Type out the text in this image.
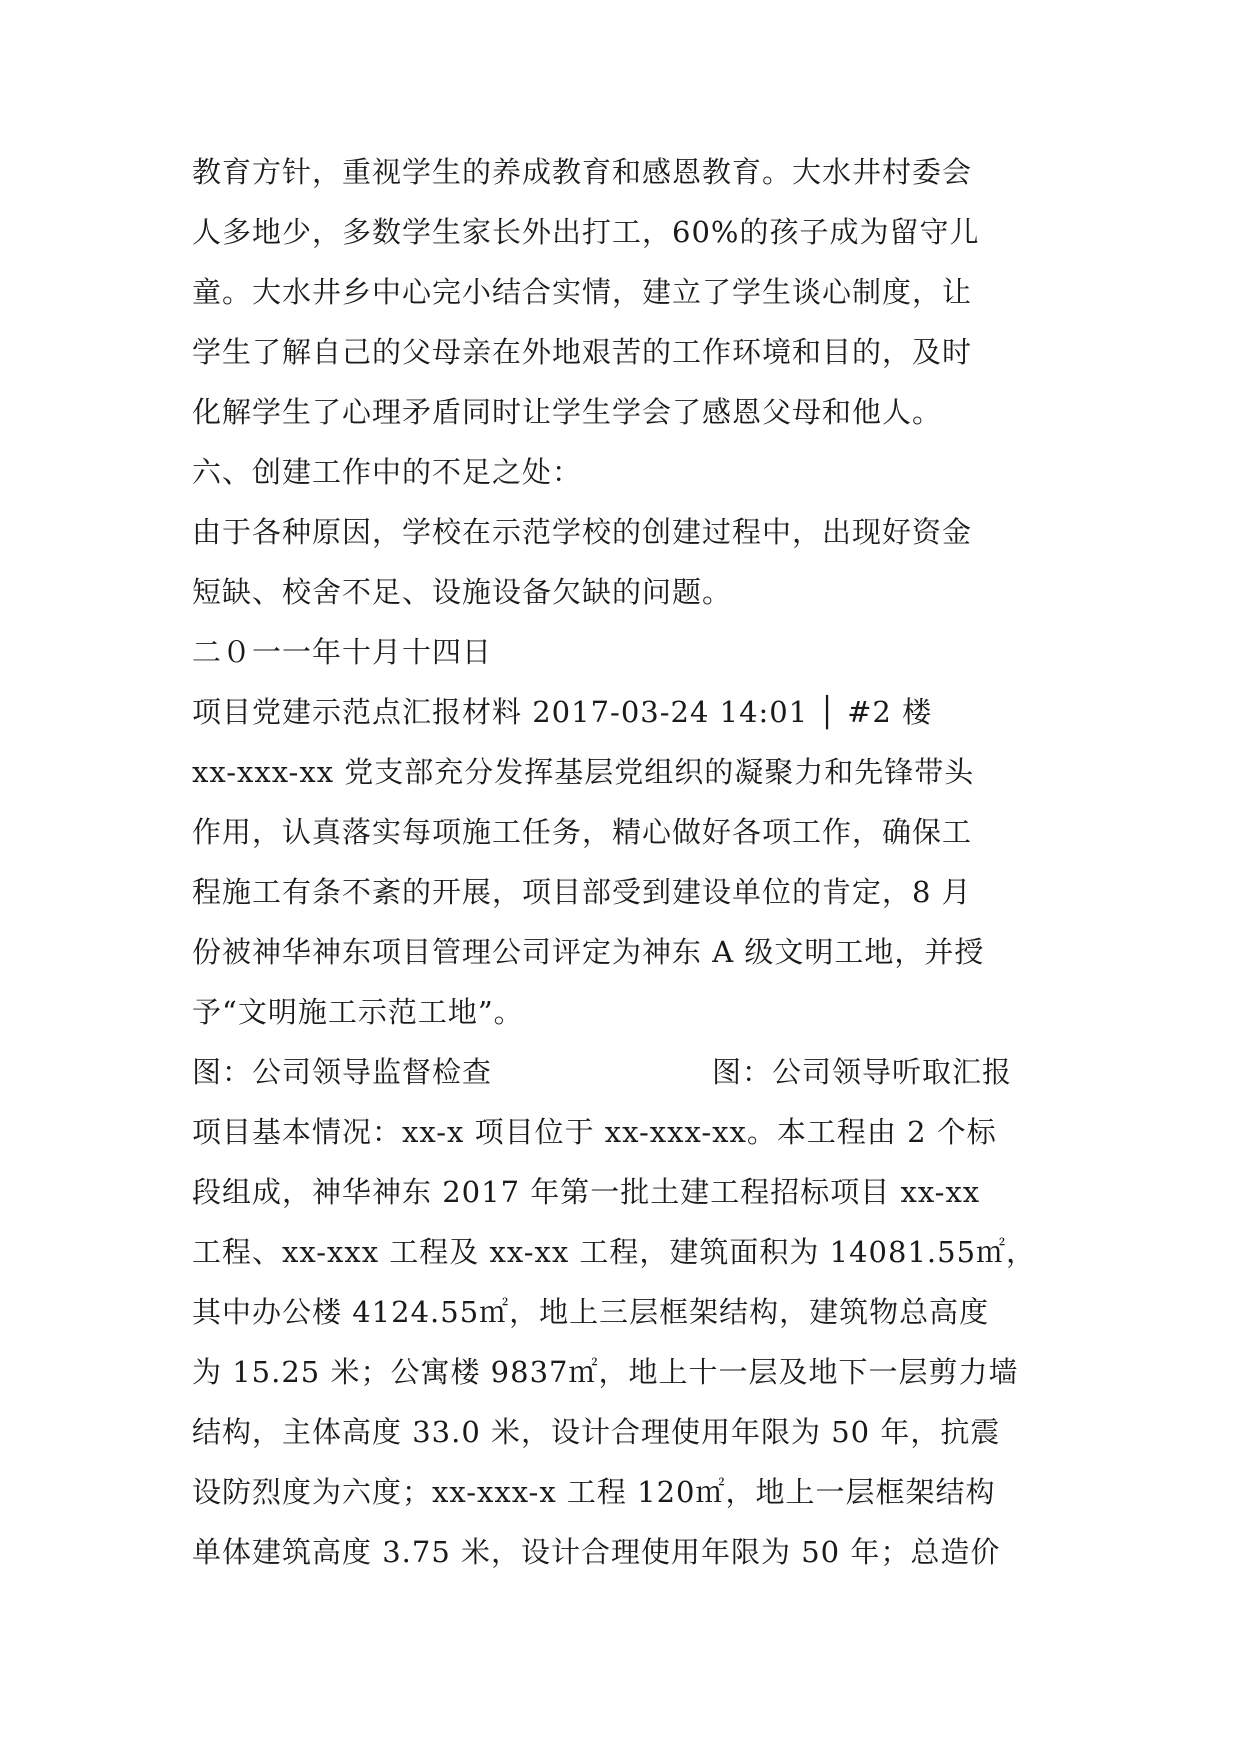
教育方针，重视学生的养成教育和感恩教育。大水井村委会
人多地少，多数学生家长外出打工，60%的孩子成为留守儿
童。大水井乡中心完小结合实情，建立了学生谈心制度，让
学生了解自己的父母亲在外地艰苦的工作环境和目的，及时
化解学生了心理矛盾同时让学生学会了感恩父母和他人。
六、创建工作中的不足之处：
由于各种原因，学校在示范学校的创建过程中，出现好资金
短缺、校舍不足、设施设备欠缺的问题。
二０一一年十月十四日
项目党建示范点汇报材料 2017-03-24 14:01 │ #2 楼
xx-xxx-xx 党支部充分发挥基层党组织的凝聚力和先锋带头
作用，认真落实每项施工任务，精心做好各项工作，确保工
程施工有条不紊的开展，项目部受到建设单位的肯定，8 月
份被神华神东项目管理公司评定为神东 A 级文明工地，并授
予“文明施工示范工地”。
图：公司领导监督检查	图：公司领导听取汇报
项目基本情况：xx-x 项目位于 xx-xxx-xx。本工程由 2 个标
段组成，神华神东 2017 年第一批土建工程招标项目 xx-xx
工程、xx-xxx 工程及 xx-xx 工程，建筑面积为 14081.55㎡，
其中办公楼 4124.55㎡，地上三层框架结构，建筑物总高度
为 15.25 米；公寓楼 9837㎡，地上十一层及地下一层剪力墙
结构，主体高度 33.0 米，设计合理使用年限为 50 年，抗震
设防烈度为六度；xx-xxx-x 工程 120㎡，地上一层框架结构
单体建筑高度 3.75 米，设计合理使用年限为 50 年；总造价
